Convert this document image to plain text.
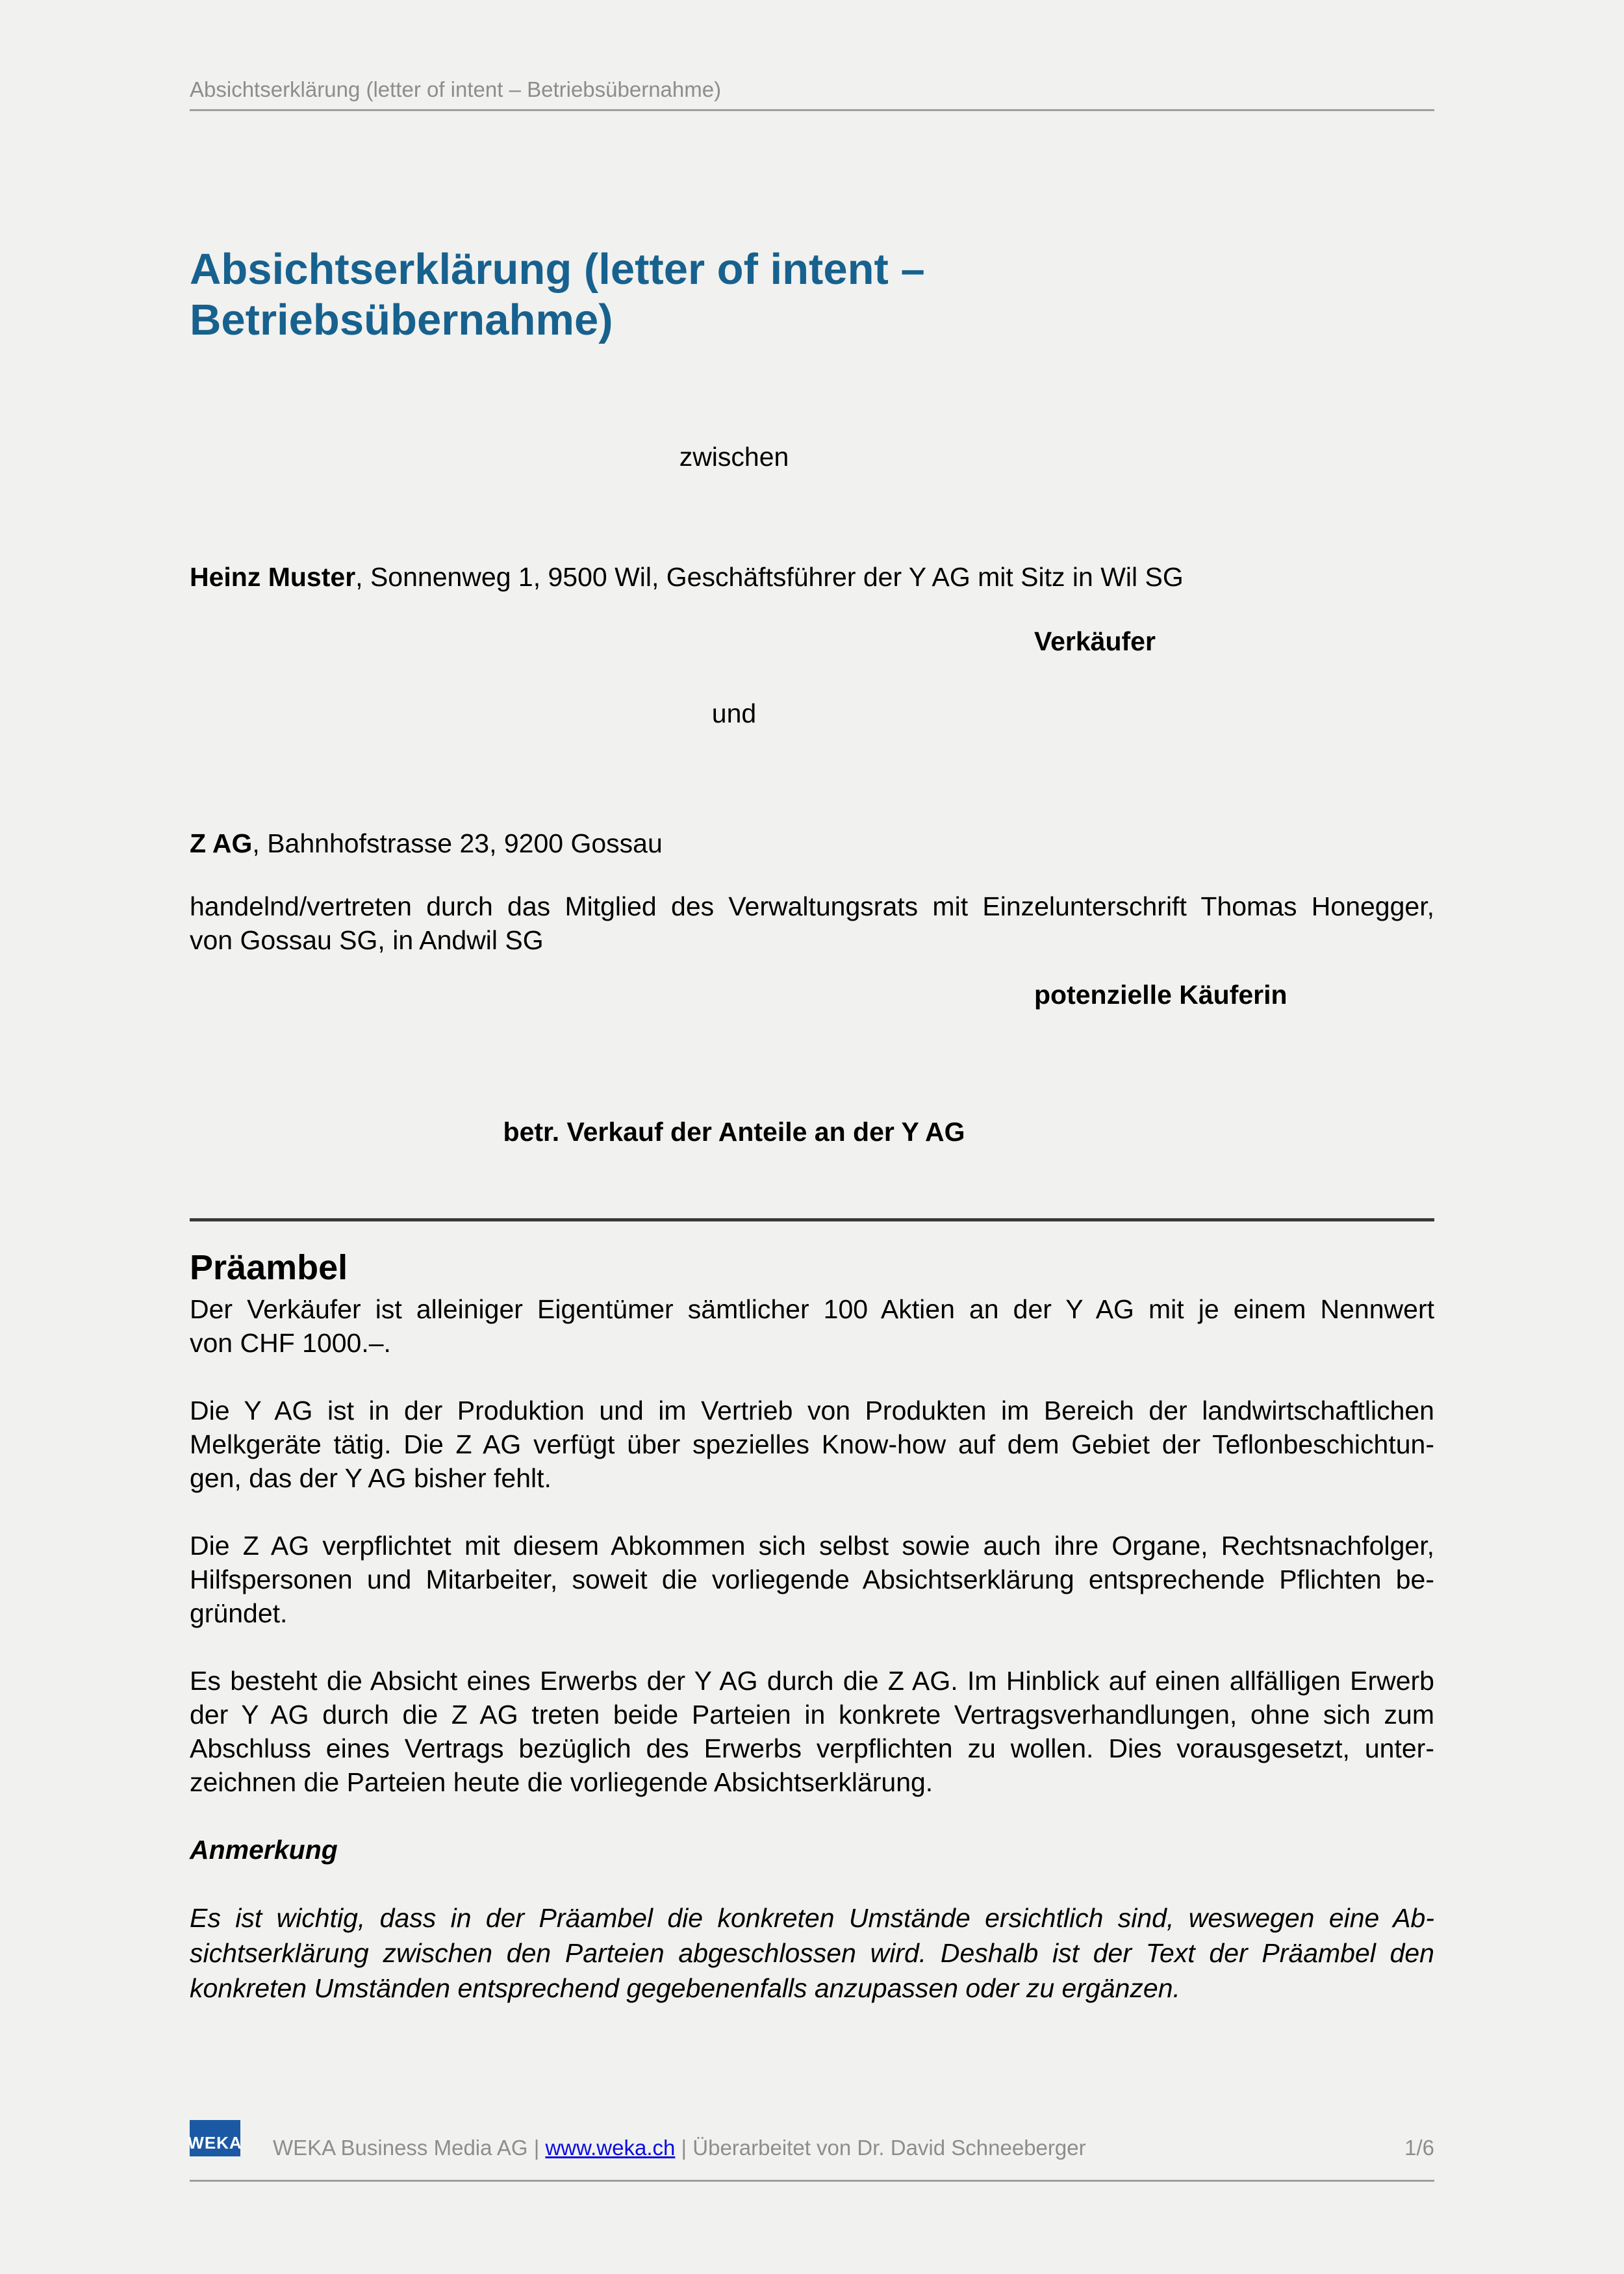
Absichtserklärung (letter of intent – Betriebsübernahme)
Absichtserklärung (letter of intent –
Betriebsübernahme)
zwischen
Heinz Muster, Sonnenweg 1, 9500 Wil, Geschäftsführer der Y AG mit Sitz in Wil SG
Verkäufer
und
Z AG, Bahnhofstrasse 23, 9200 Gossau
handelnd/vertreten durch das Mitglied des Verwaltungsrats mit Einzelunterschrift Thomas Honegger,
von Gossau SG, in Andwil SG
potenzielle Käuferin
betr. Verkauf der Anteile an der Y AG
Präambel
Der Verkäufer ist alleiniger Eigentümer sämtlicher 100 Aktien an der Y AG mit je einem Nennwert
von CHF 1000.–.
Die Y AG ist in der Produktion und im Vertrieb von Produkten im Bereich der landwirtschaftlichen
Melkgeräte tätig. Die Z AG verfügt über spezielles Know-how auf dem Gebiet der Teflonbeschichtun-
gen, das der Y AG bisher fehlt.
Die Z AG verpflichtet mit diesem Abkommen sich selbst sowie auch ihre Organe, Rechtsnachfolger,
Hilfspersonen und Mitarbeiter, soweit die vorliegende Absichtserklärung entsprechende Pflichten be-
gründet.
Es besteht die Absicht eines Erwerbs der Y AG durch die Z AG. Im Hinblick auf einen allfälligen Erwerb
der Y AG durch die Z AG treten beide Parteien in konkrete Vertragsverhandlungen, ohne sich zum
Abschluss eines Vertrags bezüglich des Erwerbs verpflichten zu wollen. Dies vorausgesetzt, unter-
zeichnen die Parteien heute die vorliegende Absichtserklärung.
Anmerkung
Es ist wichtig, dass in der Präambel die konkreten Umstände ersichtlich sind, weswegen eine Ab-
sichtserklärung zwischen den Parteien abgeschlossen wird. Deshalb ist der Text der Präambel den
konkreten Umständen entsprechend gegebenenfalls anzupassen oder zu ergänzen.
WEKA WEKA Business Media AG | www.weka.ch | Überarbeitet von Dr. David Schneeberger	1/6
